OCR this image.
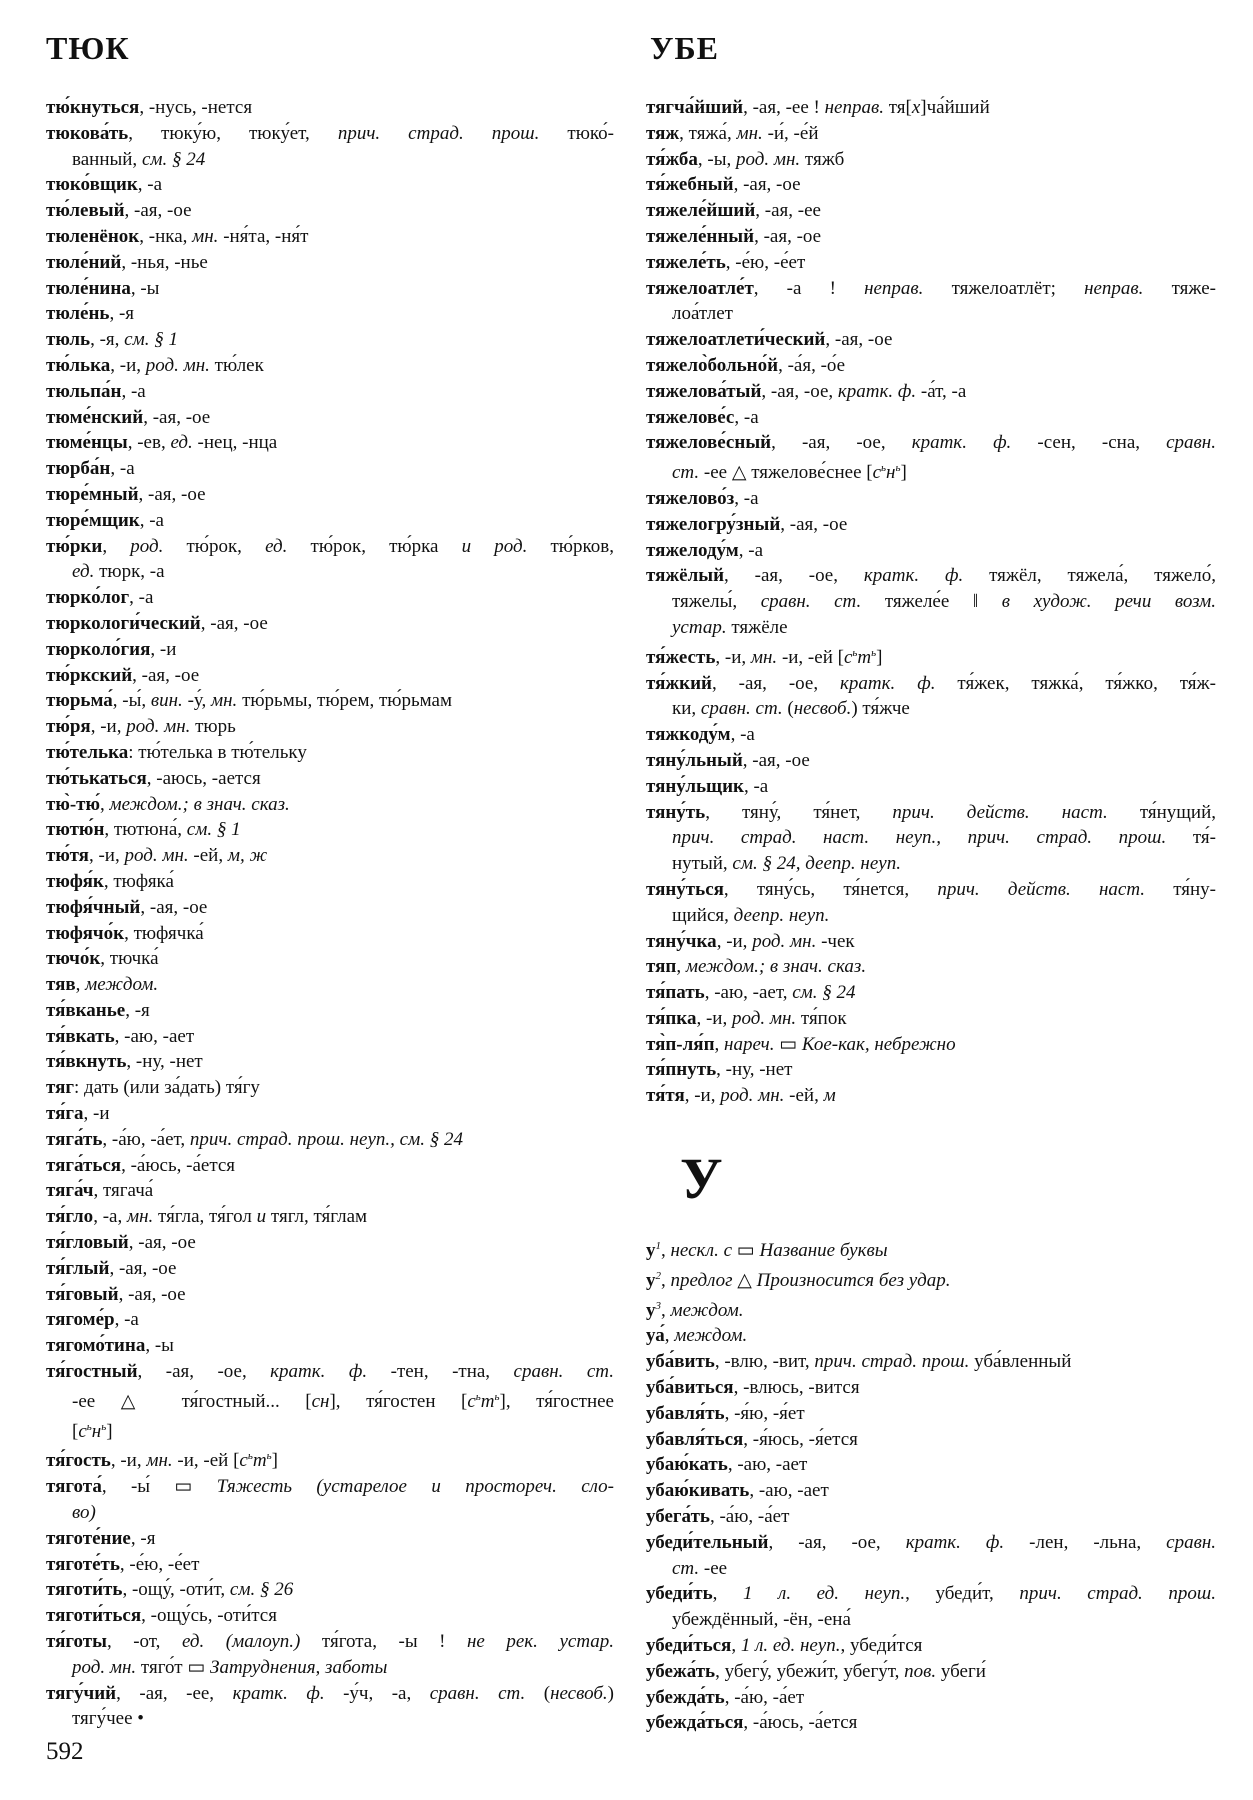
ТЮК	УБЕ
тю́кнуться, -нусь, -нется
тюкова́ть, тюку́ю, тюку́ет, прич. страд. прош. тюко́-
ванный, см. § 24
тюко́вщик, -а
тю́левый, -ая, -ое
тюленёнок, -нка, мн. -ня́та, -ня́т
тюле́ний, -нья, -нье
тюле́нина, -ы
тюле́нь, -я
тюль, -я, см. § 1
тю́лька, -и, род. мн. тю́лек
тюльпа́н, -а
тюме́нский, -ая, -ое
тюме́нцы, -ев, ед. -нец, -нца
тюрба́н, -а
тюре́мный, -ая, -ое
тюре́мщик, -а
тю́рки, род. тю́рок, ед. тю́рок, тю́рка и род. тю́рков,
ед. тюрк, -а
тюрко́лог, -а
тюркологи́ческий, -ая, -ое
тюрколо́гия, -и
тю́ркский, -ая, -ое
тюрьма́, -ы́, вин. -у́, мн. тю́рьмы, тю́рем, тю́рьмам
тю́ря, -и, род. мн. тюрь
тю́телька: тю́телька в тю́тельку
тю́тькаться, -аюсь, -ается
тю̀-тю́, междом.; в знач. сказ.
тютю́н, тютюна́, см. § 1
тю́тя, -и, род. мн. -ей, м, ж
тюфя́к, тюфяка́
тюфя́чный, -ая, -ое
тюфячо́к, тюфячка́
тючо́к, тючка́
тяв, междом.
тя́вканье, -я
тя́вкать, -аю, -ает
тя́вкнуть, -ну, -нет
тяг: дать (или за́дать) тя́гу
тя́га, -и
тяга́ть, -а́ю, -а́ет, прич. страд. прош. неуп., см. § 24
тяга́ться, -а́юсь, -а́ется
тяга́ч, тягача́
тя́гло, -а, мн. тя́гла, тя́гол и тягл, тя́глам
тя́гловый, -ая, -ое
тя́глый, -ая, -ое
тя́говый, -ая, -ое
тягоме́р, -а
тягомо́тина, -ы
тя́гостный, -ая, -ое, кратк. ф. -тен, -тна, сравн. ст.
-ее △ тя́гостный... [сн], тя́гостен $[с^ьт^ь]$, тя́гостнее
$[с^ьн^ь]$
тя́гость, -и, мн. -и, -ей $[с^ьт^ь]$
тягота́, -ы́ ▭ Тяжесть (устарелое и простореч. сло-
во)
тяготе́ние, -я
тяготе́ть, -е́ю, -е́ет
тяготи́ть, -ощу́, -оти́т, см. § 26
тяготи́ться, -ощу́сь, -оти́тся
тя́готы, -от, ед. (малоуп.) тя́гота, -ы ! не рек. устар.
род. мн. тяго́т ▭ Затруднения, заботы
тягу́чий, -ая, -ее, кратк. ф. -у́ч, -а, сравн. ст. (несвоб.)
тягу́чее •
тягча́йший, -ая, -ее ! неправ. тя[х]ча́йший
тяж, тяжа́, мн. -и́, -е́й
тя́жба, -ы, род. мн. тяжб
тя́жебный, -ая, -ое
тяжеле́йший, -ая, -ее
тяжеле́нный, -ая, -ое
тяжеле́ть, -е́ю, -е́ет
тяжелоатле́т, -а ! неправ. тяжелоатлёт; неправ. тяже-
лоа́тлет
тяжелоатлети́ческий, -ая, -ое
тяжело̀больно́й, -а́я, -о́е
тяжелова́тый, -ая, -ое, кратк. ф. -а́т, -а
тяжелове́с, -а
тяжелове́сный, -ая, -ое, кратк. ф. -сен, -сна, сравн.
ст. -ее △ тяжелове́снее $[с^ьн^ь]$
тяжелово́з, -а
тяжелогру́зный, -ая, -ое
тяжелоду́м, -а
тяжёлый, -ая, -ое, кратк. ф. тяжёл, тяжела́, тяжело́,
тяжелы́, сравн. ст. тяжеле́е ‖ в худож. речи возм.
устар. тяжёле
тя́жесть, -и, мн. -и, -ей $[с^ьт^ь]$
тя́жкий, -ая, -ое, кратк. ф. тя́жек, тяжка́, тя́жко, тя́ж-
ки, сравн. ст. (несвоб.) тя́жче
тяжкоду́м, -а
тяну́льный, -ая, -ое
тяну́льщик, -а
тяну́ть, тяну́, тя́нет, прич. действ. наст. тя́нущий,
прич. страд. наст. неуп., прич. страд. прош. тя́-
нутый, см. § 24, деепр. неуп.
тяну́ться, тяну́сь, тя́нется, прич. действ. наст. тя́ну-
щийся, деепр. неуп.
тяну́чка, -и, род. мн. -чек
тяп, междом.; в знач. сказ.
тя́пать, -аю, -ает, см. § 24
тя́пка, -и, род. мн. тя́пок
тя̀п-ля́п, нареч. ▭ Кое-как, небрежно
тя́пнуть, -ну, -нет
тя́тя, -и, род. мн. -ей, м
У
$у^1$, нескл. с ▭ Название буквы
$у^2$, предлог △ Произносится без удар.
$у^3$, междом.
уа́, междом.
уба́вить, -влю, -вит, прич. страд. прош. уба́вленный
уба́виться, -влюсь, -вится
убавля́ть, -я́ю, -я́ет
убавля́ться, -я́юсь, -я́ется
убаю́кать, -аю, -ает
убаю́кивать, -аю, -ает
убега́ть, -а́ю, -а́ет
убеди́тельный, -ая, -ое, кратк. ф. -лен, -льна, сравн.
ст. -ее
убеди́ть, 1 л. ед. неуп., убеди́т, прич. страд. прош.
убеждённый, -ён, -ена́
убеди́ться, 1 л. ед. неуп., убеди́тся
убежа́ть, убегу́, убежи́т, убегу́т, пов. убеги́
убежда́ть, -а́ю, -а́ет
убежда́ться, -а́юсь, -а́ется
592
